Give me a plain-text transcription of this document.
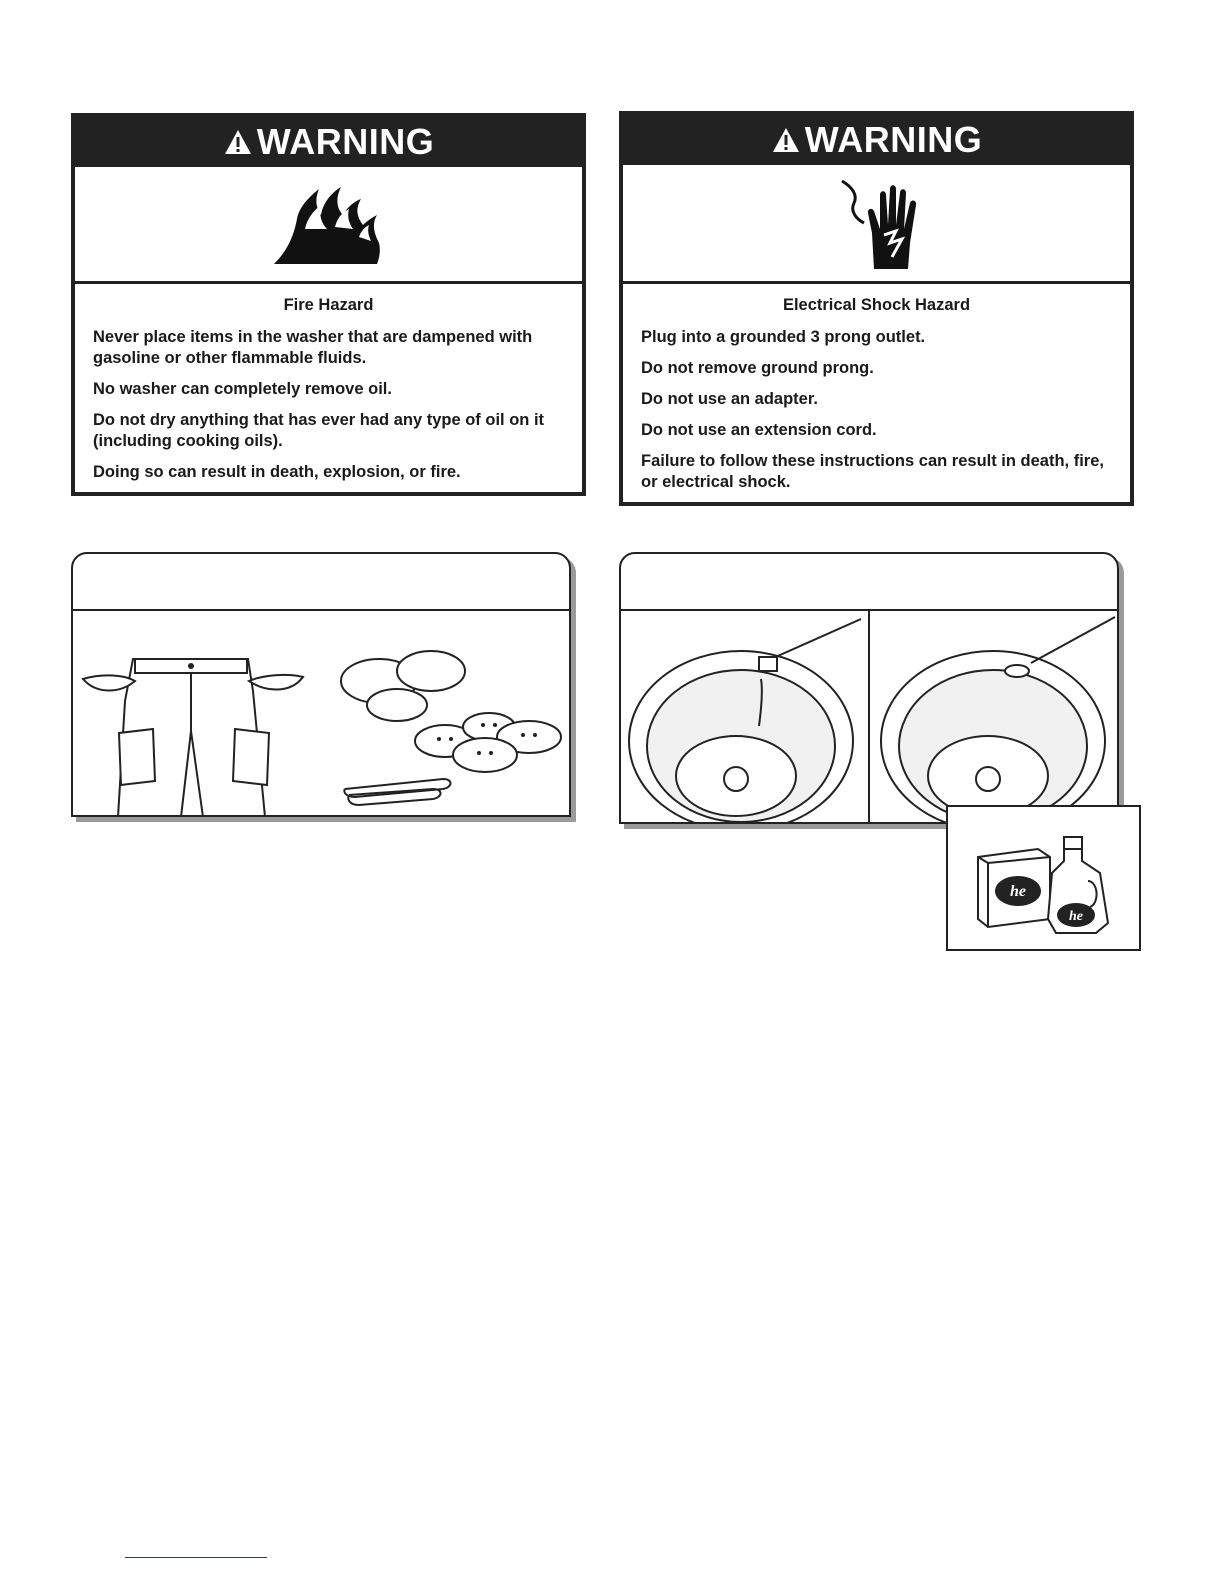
WARNING
Fire Hazard

Never place items in the washer that are dampened with gasoline or other flammable fluids.

No washer can completely remove oil.

Do not dry anything that has ever had any type of oil on it (including cooking oils).

Doing so can result in death, explosion, or fire.

WARNING
Electrical Shock Hazard

Plug into a grounded 3 prong outlet.

Do not remove ground prong.

Do not use an adapter.

Do not use an extension cord.

Failure to follow these instructions can result in death, fire, or electrical shock.

he
he
